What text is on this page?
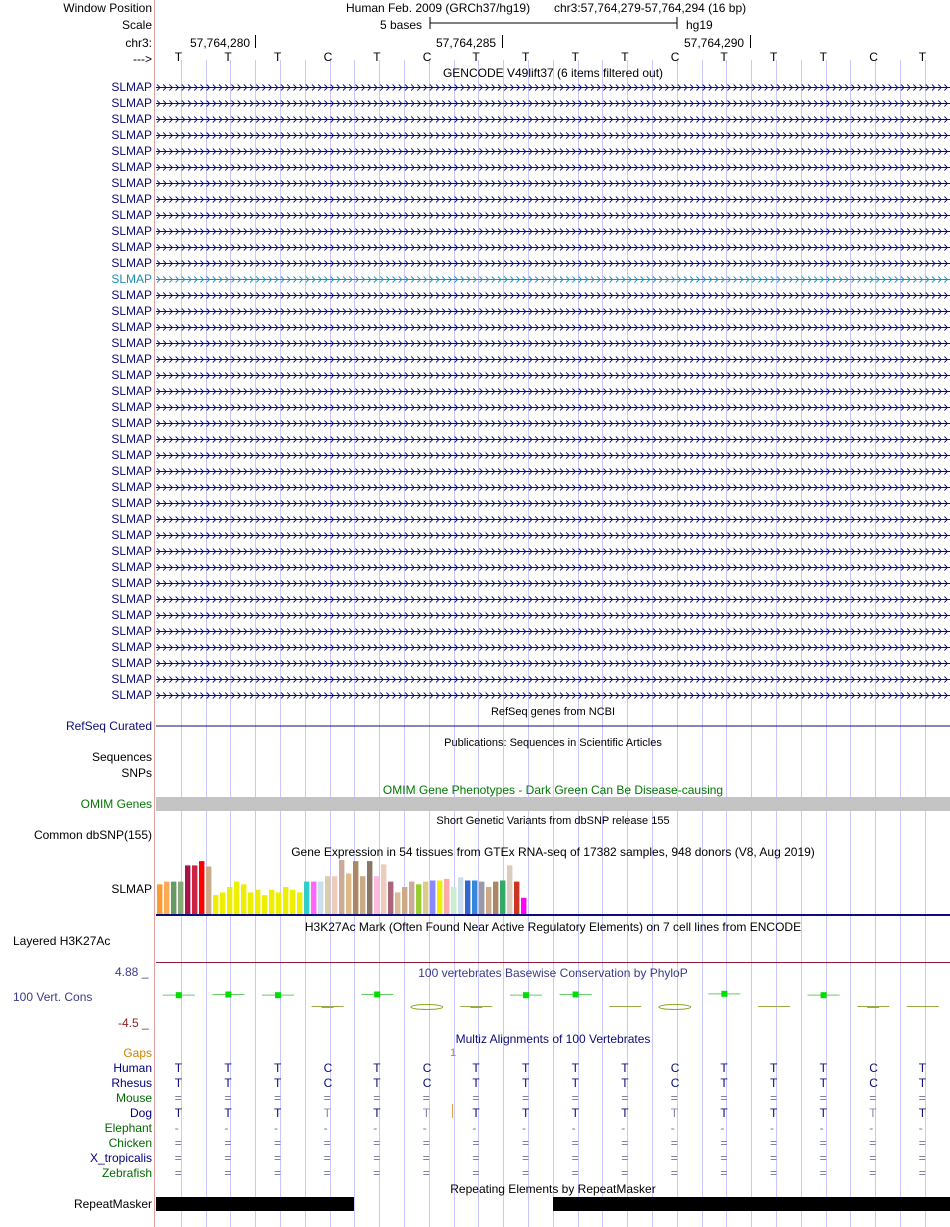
Window Position
Scale
chr3:
--->
Human Feb. 2009 (GRCh37/hg19) chr3:57,764,279-57,764,294 (16 bp)
5 bases	hg19
57,764,280	57,764,285	57,764,290
T	T	T	C	T	C	T	T	T	T	C	T	T	T	C	T
GENCODE V49lift37 (6 items filtered out)
SLMAP
SLMAP
SLMAP
SLMAP
SLMAP
SLMAP
SLMAP
SLMAP
SLMAP
SLMAP
SLMAP
SLMAP
SLMAP
SLMAP
SLMAP
SLMAP
SLMAP
SLMAP
SLMAP
SLMAP
SLMAP
SLMAP
SLMAP
SLMAP
SLMAP
SLMAP
SLMAP
SLMAP
SLMAP
SLMAP
SLMAP
SLMAP
SLMAP
SLMAP
SLMAP
SLMAP
SLMAP
SLMAP
SLMAP
RefSeq genes from NCBI
RefSeq Curated
Publications: Sequences in Scientific Articles
Sequences
SNPs
OMIM Gene Phenotypes - Dark Green Can Be Disease-causing
OMIM Genes
Short Genetic Variants from dbSNP release 155
Common dbSNP(155)
Gene Expression in 54 tissues from GTEx RNA-seq of 17382 samples, 948 donors (V8, Aug 2019)
SLMAP
H3K27Ac Mark (Often Found Near Active Regulatory Elements) on 7 cell lines from ENCODE
Layered H3K27Ac
100 vertebrates Basewise Conservation by PhyloP
4.88 _
100 Vert. Cons
-4.5 _
Multiz Alignments of 100 Vertebrates
Gaps	1
Human T	T	T	C	T	C	T	T	T	T	C	T	T	T	C	T
Rhesus T	T	T	C	T	C	T	T	T	T	C	T	T	T	C	T
Mouse =	=	=	=	=	=	=	=	=	=	=	=	=	=	=	=
Dog T	T	T	T	T	T	T	T	T	T	T	T	T	T	T	T
Elephant -	-	-	-	-	-	-	-	-	-	-	-	-	-	-	-
Chicken =	=	=	=	=	=	=	=	=	=	=	=	=	=	=	=
X_tropicalis =	=	=	=	=	=	=	=	=	=	=	=	=	=	=	=
Zebrafish =	=	=	=	=	=	=	=	=	=	=	=	=	=	=	=
Repeating Elements by RepeatMasker
RepeatMasker
